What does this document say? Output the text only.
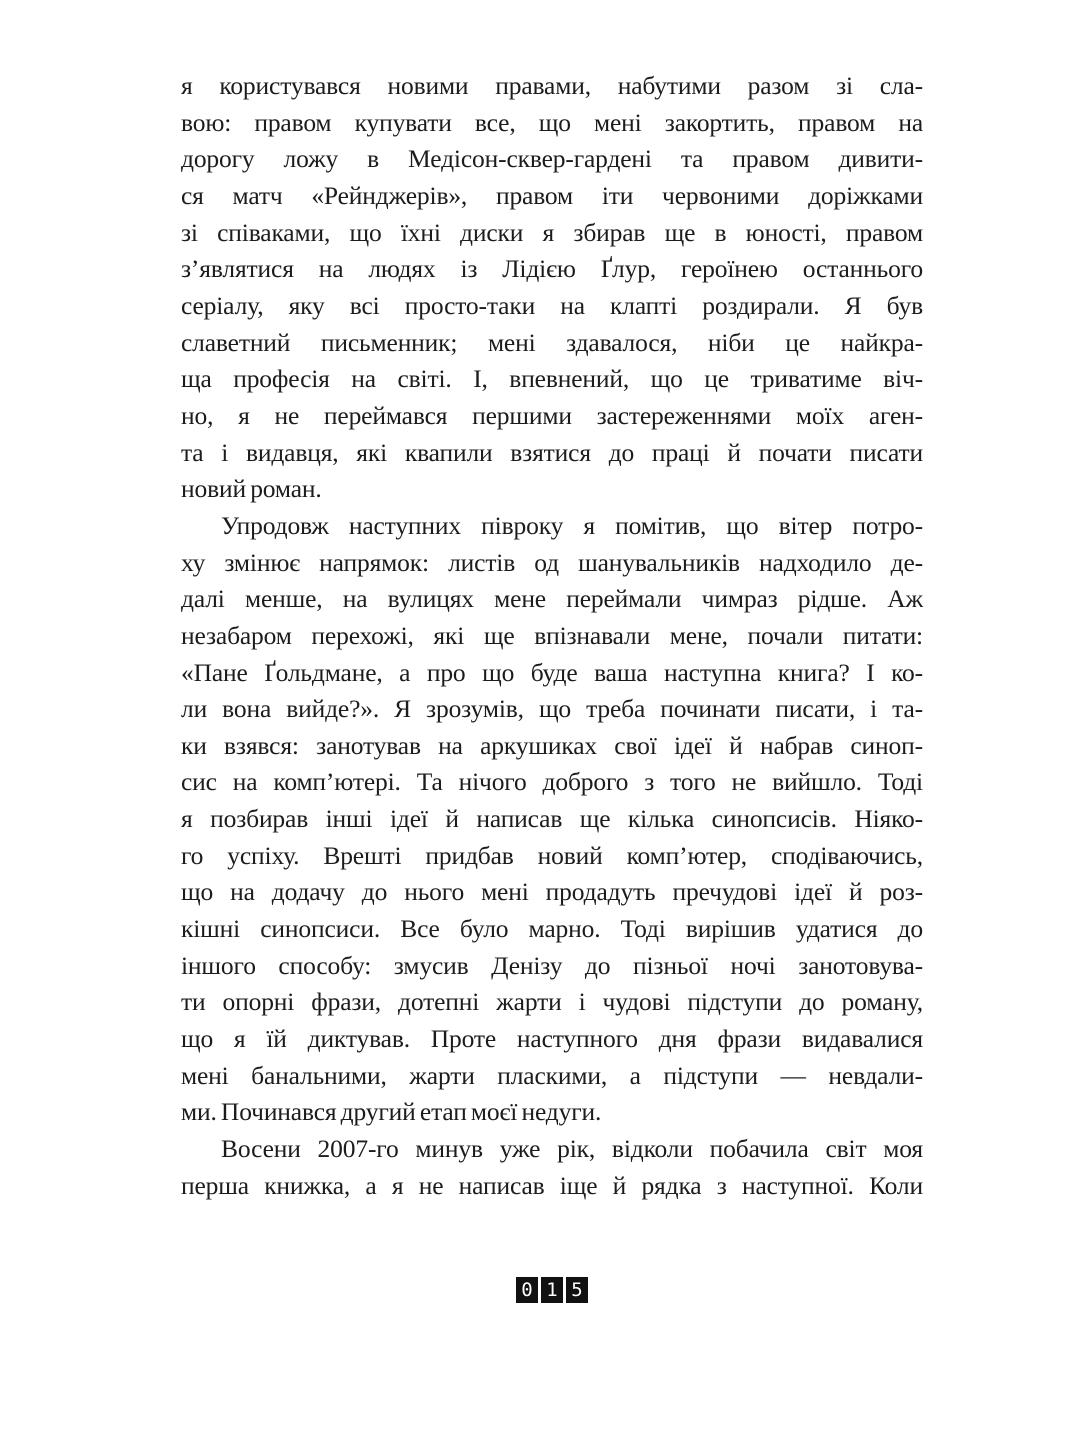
я користувався новими правами, набутими разом зі сла-
вою: правом купувати все, що мені закортить, правом на
дорогу ложу в Медісон-сквер-гардені та правом дивити-
ся матч «Рейнджерів», правом іти червоними доріжками
зі співаками, що їхні диски я збирав ще в юності, правом
з’являтися на людях із Лідією Ґлур, героїнею останнього
серіалу, яку всі просто-таки на клапті роздирали. Я був
славетний письменник; мені здавалося, ніби це найкра-
ща професія на світі. І, впевнений, що це триватиме віч-
но, я не переймався першими застереженнями моїх аген-
та і видавця, які квапили взятися до праці й почати писати
новий роман.
Упродовж наступних півроку я помітив, що вітер потро-
ху змінює напрямок: листів од шанувальників надходило де-
далі менше, на вулицях мене переймали чимраз рідше. Аж
незабаром перехожі, які ще впізнавали мене, почали питати:
«Пане Ґольдмане, а про що буде ваша наступна книга? І ко-
ли вона вийде?». Я зрозумів, що треба починати писати, і та-
ки взявся: занотував на аркушиках свої ідеї й набрав синоп-
сис на комп’ютері. Та нічого доброго з того не вийшло. Тоді
я позбирав інші ідеї й написав ще кілька синопсисів. Ніяко-
го успіху. Врешті придбав новий комп’ютер, сподіваючись,
що на додачу до нього мені продадуть пречудові ідеї й роз-
кішні синопсиси. Все було марно. Тоді вирішив удатися до
іншого способу: змусив Денізу до пізньої ночі занотовува-
ти опорні фрази, дотепні жарти і чудові підступи до роману,
що я їй диктував. Проте наступного дня фрази видавалися
мені банальними, жарти пласкими, а підступи — невдали-
ми. Починався другий етап моєї недуги.
Восени 2007-го минув уже рік, відколи побачила світ моя
перша книжка, а я не написав іще й рядка з наступної. Коли
0 1 5
